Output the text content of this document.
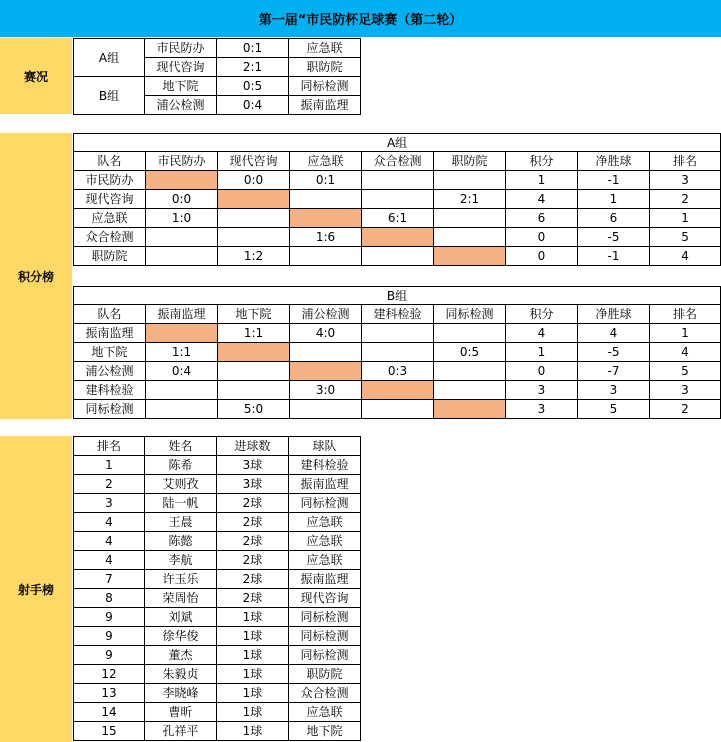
第一届“市民防杯足球赛（第二轮）
赛况
积分榜
射手榜
A组	市民防办	0:1	应急联
	现代咨询	2:1	职防院
B组	地下院	0:5	同标检测
	浦公检测	0:4	振南监理
A组								
队名	市民防办	现代咨询	应急联	众合检测	职防院	积分	净胜球	排名
市民防办		0:0	0:1			1	-1	3
现代咨询	0:0				2:1	4	1	2
应急联	1:0			6:1		6	6	1
众合检测			1:6			0	-5	5
职防院		1:2				0	-1	4
B组								
队名	振南监理	地下院	浦公检测	建科检验	同标检测	积分	净胜球	排名
振南监理		1:1	4:0			4	4	1
地下院	1:1				0:5	1	-5	4
浦公检测	0:4			0:3		0	-7	5
建科检验			3:0			3	3	3
同标检测		5:0				3	5	2
排名	姓名	进球数	球队
1	陈希	3球	建科检验
2	艾则孜	3球	振南监理
3	陆一帆	2球	同标检测
4	王晨	2球	应急联
4	陈懿	2球	应急联
4	李航	2球	应急联
7	许玉乐	2球	振南监理
8	荣周怡	2球	现代咨询
9	刘斌	1球	同标检测
9	徐华俊	1球	同标检测
9	董杰	1球	同标检测
12	朱毅贞	1球	职防院
13	李晓峰	1球	众合检测
14	曹昕	1球	应急联
15	孔祥平	1球	地下院
